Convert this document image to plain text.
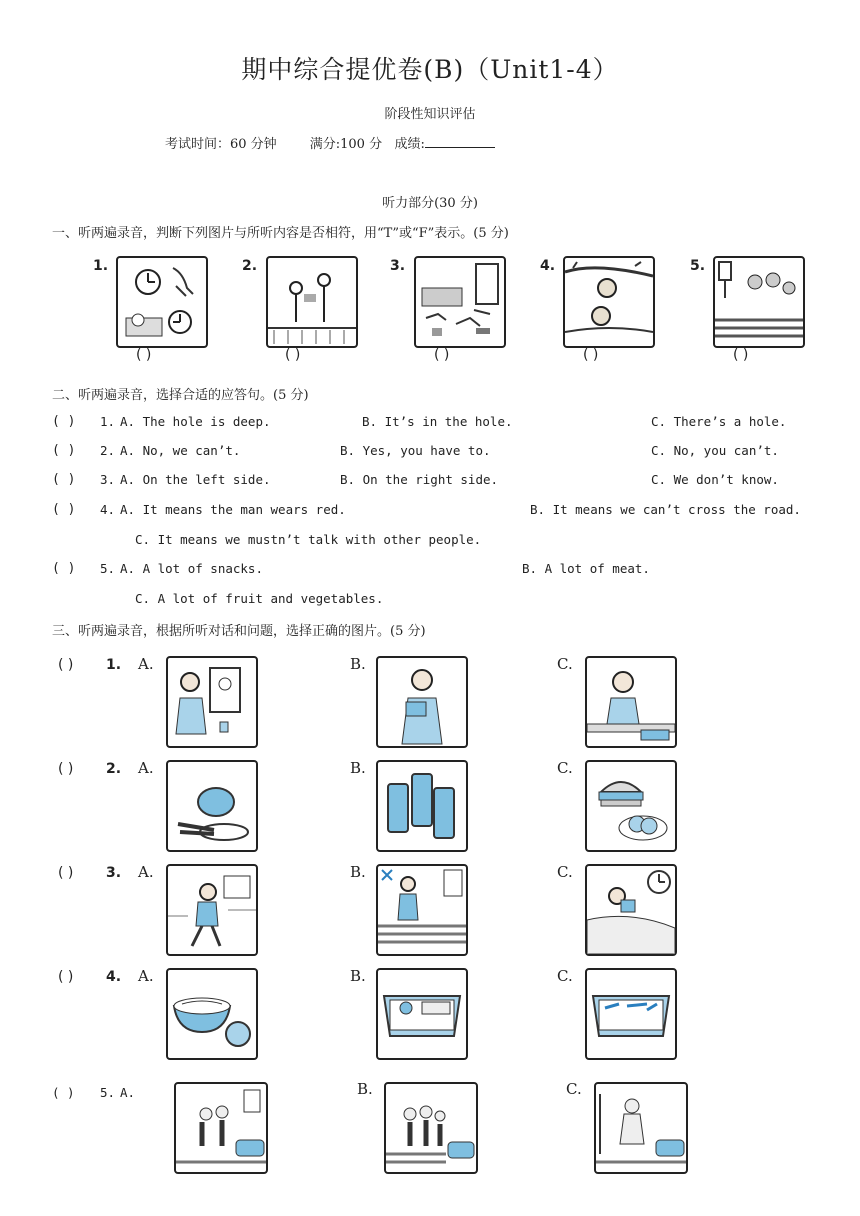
期中综合提优卷(B)（Unit1-4）
阶段性知识评估
考试时间：60 分钟	满分:100 分 成绩:
听力部分(30 分)
一、听两遍录音，判断下列图片与所听内容是否相符，用“T”或“F”表示。(5 分)
1.
( )
2.
( )
3.
( )
4.
( )
5.
( )
二、听两遍录音，选择合适的应答句。(5 分)
( ) 1. A. The hole is deep.	B. It’s in the hole.	C. There’s a hole.
( ) 2. A. No, we can’t.	B. Yes, you have to.	C. No, you can’t.
( ) 3. A. On the left side.	B. On the right side.	C. We don’t know.
( ) 4. A. It means the man wears red.	B. It means we can’t cross the road.
C. It means we mustn’t talk with other people.
( ) 5. A. A lot of snacks.	B. A lot of meat.
C. A lot of fruit and vegetables.
三、听两遍录音，根据所听对话和问题，选择正确的图片。(5 分)
( ) 1. A.	B.	C.
( ) 2. A.	B.	C.
( ) 3. A.	B.	C.
( ) 4. A.	B.	C.
( ) 5. A.	B.	C.
